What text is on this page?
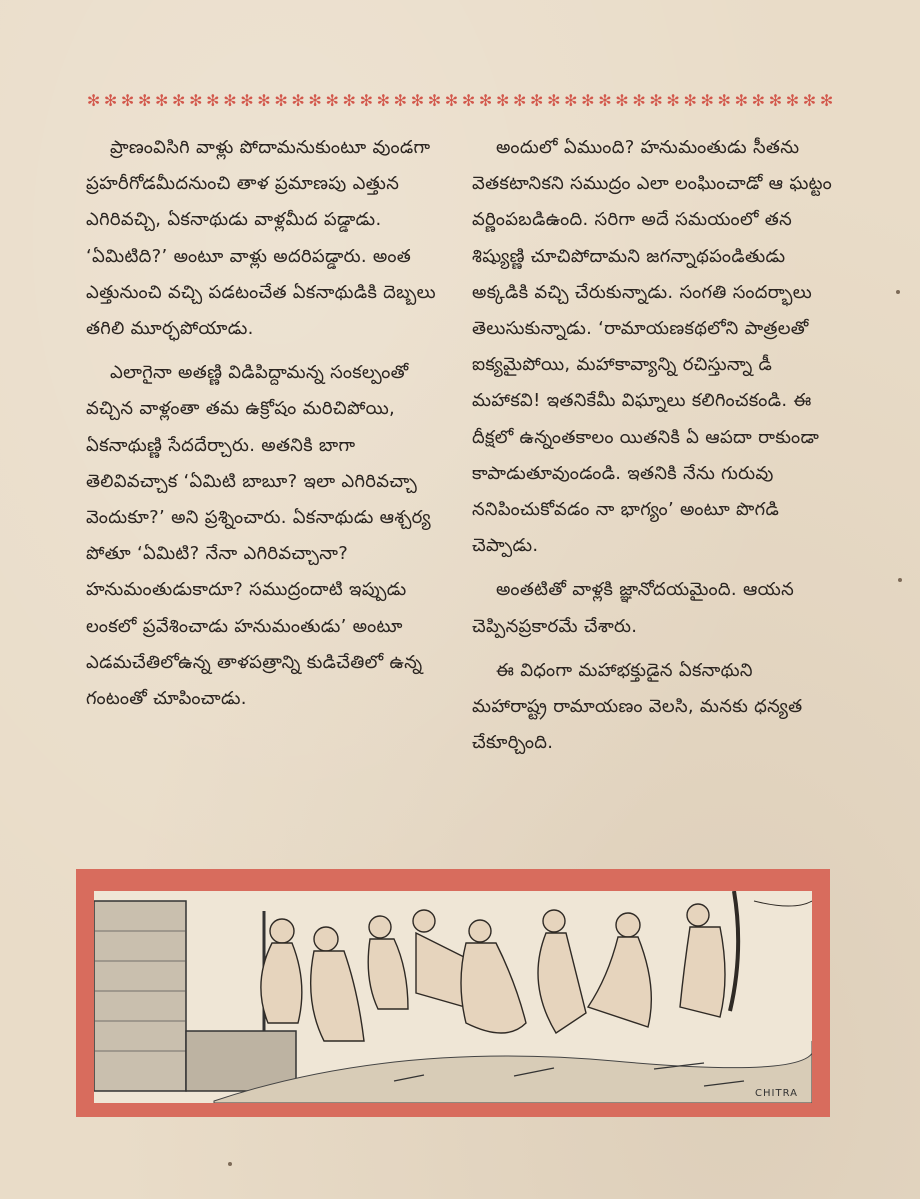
✻ ✻ ✻ ✻ ✻ ✻ ✻ ✻ ✻ ✻ ✻ ✻ ✻ ✻ ✻ ✻ ✻ ✻ ✻ ✻ ✻ ✻ ✻ ✻ ✻ ✻ ✻ ✻ ✻ ✻ ✻ ✻ ✻ ✻ ✻ ✻ ✻ ✻ ✻ ✻ ✻ ✻ ✻ ✻

ప్రాణంవిసిగి వాళ్లు పోదామనుకుంటూ వుండగా ప్రహరీగోడమీదనుంచి తాళ ప్రమాణపు ఎత్తున ఎగిరివచ్చి, ఏకనాథుడు వాళ్లమీద పడ్డాడు. ‘ఏమిటిది?’ అంటూ వాళ్లు అదరిపడ్డారు. అంత ఎత్తునుంచి వచ్చి పడటంచేత ఏకనాథుడికి దెబ్బలు తగిలి మూర్ఛపోయాడు.

ఎలాగైనా అతణ్ణి విడిపిద్దామన్న సంకల్పంతో వచ్చిన వాళ్లంతా తమ ఉక్రోషం మరిచిపోయి, ఏకనాథుణ్ణి సేదదేర్చారు. అతనికి బాగా తెలివివచ్చాక ‘ఏమిటి బాబూ? ఇలా ఎగిరివచ్చా వెందుకూ?’ అని ప్రశ్నించారు. ఏకనాథుడు ఆశ్చర్య పోతూ ‘ఏమిటి? నేనా ఎగిరివచ్చానా? హనుమంతుడుకాదూ? సముద్రందాటి ఇప్పుడు లంకలో ప్రవేశించాడు హనుమంతుడు’ అంటూ ఎడమచేతిలోఉన్న తాళపత్రాన్ని కుడిచేతిలో ఉన్న గంటంతో చూపించాడు.

అందులో ఏముంది? హనుమంతుడు సీతను వెతకటానికని సముద్రం ఎలా లంఘించాడో ఆ ఘట్టం వర్ణింపబడిఉంది. సరిగా అదే సమయంలో తన శిష్యుణ్ణి చూచిపోదామని జగన్నాథపండితుడు అక్కడికి వచ్చి చేరుకున్నాడు. సంగతి సందర్భాలు తెలుసుకున్నాడు. ‘రామాయణకథలోని పాత్రలతో ఐక్యమైపోయి, మహాకావ్యాన్ని రచిస్తున్నా డీ మహాకవి! ఇతనికేమీ విఘ్నాలు కలిగించకండి. ఈ దీక్షలో ఉన్నంతకాలం యితనికి ఏ ఆపదా రాకుండా కాపాడుతూవుండండి. ఇతనికి నేను గురువు ననిపించుకోవడం నా భాగ్యం’ అంటూ పొగడి చెప్పాడు.

అంతటితో వాళ్లకి జ్ఞానోదయమైంది. ఆయన చెప్పినప్రకారమే చేశారు.

ఈ విధంగా మహాభక్తుడైన ఏకనాథుని మహారాష్ట్ర రామాయణం వెలసి, మనకు ధన్యత చేకూర్చింది.

CHITRA
